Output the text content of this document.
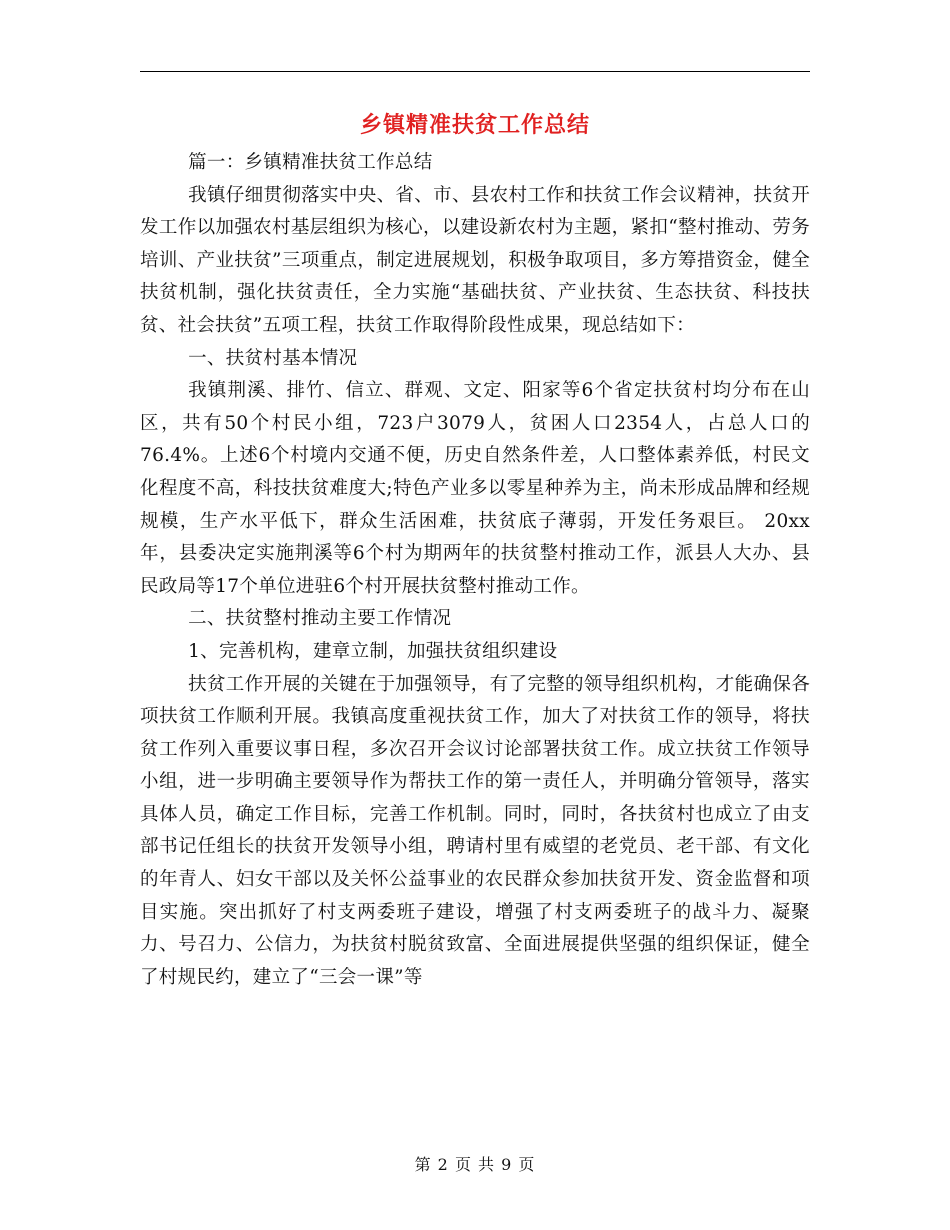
乡镇精准扶贫工作总结

篇一：乡镇精准扶贫工作总结

我镇仔细贯彻落实中央、省、市、县农村工作和扶贫工作会议精神，扶贫开发工作以加强农村基层组织为核心，以建设新农村为主题，紧扣“整村推动、劳务培训、产业扶贫”三项重点，制定进展规划，积极争取项目，多方筹措资金，健全扶贫机制，强化扶贫责任，全力实施“基础扶贫、产业扶贫、生态扶贫、科技扶贫、社会扶贫”五项工程，扶贫工作取得阶段性成果，现总结如下：

一、扶贫村基本情况

我镇荆溪、排竹、信立、群观、文定、阳家等6个省定扶贫村均分布在山区，共有50个村民小组，723户3079人，贫困人口2354人，占总人口的76.4%。上述6个村境内交通不便，历史自然条件差，人口整体素养低，村民文化程度不高，科技扶贫难度大;特色产业多以零星种养为主，尚未形成品牌和经规规模，生产水平低下，群众生活困难，扶贫底子薄弱，开发任务艰巨。 20xx年，县委决定实施荆溪等6个村为期两年的扶贫整村推动工作，派县人大办、县民政局等17个单位进驻6个村开展扶贫整村推动工作。

二、扶贫整村推动主要工作情况

1、完善机构，建章立制，加强扶贫组织建设

扶贫工作开展的关键在于加强领导，有了完整的领导组织机构，才能确保各项扶贫工作顺利开展。我镇高度重视扶贫工作，加大了对扶贫工作的领导，将扶贫工作列入重要议事日程，多次召开会议讨论部署扶贫工作。成立扶贫工作领导小组，进一步明确主要领导作为帮扶工作的第一责任人，并明确分管领导，落实具体人员，确定工作目标，完善工作机制。同时，同时，各扶贫村也成立了由支部书记任组长的扶贫开发领导小组，聘请村里有威望的老党员、老干部、有文化的年青人、妇女干部以及关怀公益事业的农民群众参加扶贫开发、资金监督和项目实施。突出抓好了村支两委班子建设，增强了村支两委班子的战斗力、凝聚力、号召力、公信力，为扶贫村脱贫致富、全面进展提供坚强的组织保证，健全了村规民约，建立了“三会一课”等

第 2 页 共 9 页
